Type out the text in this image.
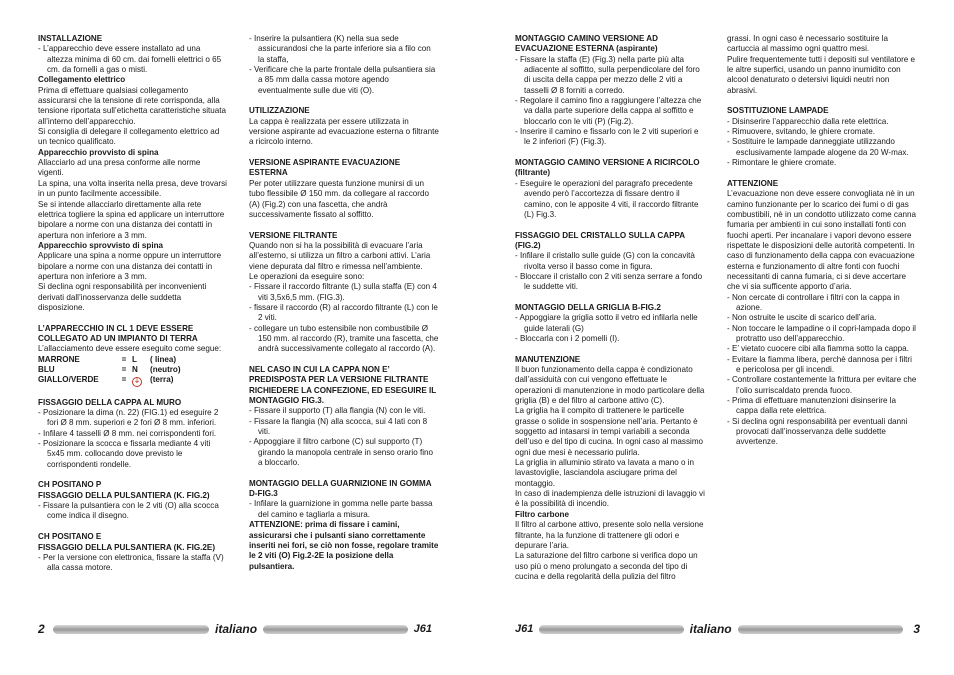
INSTALLAZIONE

- L’apparecchio deve essere installato ad una altezza minima di 60 cm. dai fornelli elettrici o 65 cm. da fornelli a gas o misti.

Collegamento elettrico

Prima di effettuare qualsiasi collegamento assicurarsi che la tensione di rete corrisponda, alla tensione riportata sull’etichetta caratteristiche situata all’interno dell’apparecchio.

Si consiglia di delegare il collegamento elettrico ad un tecnico qualificato.

Apparecchio provvisto di spina

Allacciarlo ad una presa conforme alle norme vigenti.

La spina, una volta inserita nella presa, deve trovarsi in un punto facilmente accessibile.

Se si intende allacciarlo direttamente alla rete elettrica togliere la spina ed applicare un interruttore bipolare a norme con una distanza dei contatti in apertura non inferiore a 3 mm.

Apparecchio sprovvisto di spina

Applicare una spina a norme oppure un interruttore bipolare a norme con una distanza dei contatti in apertura non inferiore a 3 mm.

Si declina ogni responsabilità per inconvenienti derivati dall’inosservanza delle suddetta disposizione.

L’APPARECCHIO IN CL 1 DEVE ESSERE COLLEGATO AD UN IMPIANTO DI TERRA

L’allacciamento deve essere eseguito come segue:

MARRONE	= L	( linea)
BLU	= N	(neutro)
GIALLO/VERDE	=	⏚	(terra)

FISSAGGIO DELLA CAPPA AL MURO

- Posizionare la dima (n. 22) (FIG.1) ed eseguire 2 fori Ø 8 mm. superiori e 2 fori Ø 8 mm. inferiori.

- Infilare 4 tasselli Ø 8 mm. nei corrispondenti fori.

- Posizionare la scocca e fissarla mediante 4 viti 5x45 mm. collocando dove previsto le corrispondenti rondelle.

CH POSITANO P

FISSAGGIO DELLA PULSANTIERA (K. FIG.2)

- Fissare la pulsantiera con le 2 viti (O) alla scocca come indica il disegno.

CH POSITANO E

FISSAGGIO DELLA PULSANTIERA (K. FIG.2E)

- Per la versione con elettronica, fissare la staffa (V) alla cassa motore.

- Inserire la pulsantiera (K) nella sua sede assicurandosi che la parte inferiore sia a filo con la staffa,

- Verificare che la parte frontale della pulsantiera sia a 85 mm dalla cassa motore agendo eventualmente sulle due viti (O).

UTILIZZAZIONE

La cappa è realizzata per essere utilizzata in versione aspirante ad evacuazione esterna o filtrante a ricircolo interno.

VERSIONE ASPIRANTE EVACUAZIONE ESTERNA

Per poter utilizzare questa funzione munirsi di un tubo flessibile Ø 150 mm. da collegare al raccordo (A) (Fig.2) con una fascetta, che andrà successivamente fissato al soffitto.

VERSIONE FILTRANTE

Quando non si ha la possibilità di evacuare l’aria all’esterno, si utilizza un filtro a carboni attivi. L’aria viene depurata dal filtro e rimessa nell’ambiente.

Le operazioni da eseguire sono:

- Fissare il raccordo filtrante (L) sulla staffa (E) con 4 viti 3,5x6,5 mm. (FIG.3).

- fissare il raccordo (R) al raccordo filtrante (L) con le 2 viti.

- collegare un tubo estensibile non combustibile Ø 150 mm. al raccordo (R), tramite una fascetta, che andrà successivamente collegato al raccordo (A).

NEL CASO IN CUI LA CAPPA NON E’ PREDISPOSTA PER LA VERSIONE FILTRANTE RICHIEDERE LA CONFEZIONE, ED ESEGUIRE IL MONTAGGIO FIG.3.

- Fissare il supporto (T) alla flangia (N) con le viti.

- Fissare la flangia (N) alla scocca, sui 4 lati con 8 viti.

- Appoggiare il filtro carbone (C) sul supporto (T) girando la manopola centrale in senso orario fino a bloccarlo.

MONTAGGIO DELLA GUARNIZIONE IN GOMMA D-FIG.3

- Infilare la guarnizione in gomma nelle parte bassa del camino e tagliarla a misura.

ATTENZIONE: prima di fissare i camini, assicurarsi che i pulsanti siano correttamente inseriti nei fori, se ciò non fosse, regolare tramite le 2 viti (O) Fig.2-2E la posizione della pulsantiera.

2	italiano	J61

MONTAGGIO CAMINO VERSIONE AD EVACUAZIONE ESTERNA (aspirante)

- Fissare la staffa (E) (Fig.3) nella parte più alta adiacente al soffitto, sulla perpendicolare del foro di uscita della cappa per mezzo delle 2 viti a tasselli Ø 8 forniti a corredo.

- Regolare il camino fino a raggiungere l’altezza che va dalla parte superiore della cappa al soffitto e bloccarlo con le viti (P) (Fig.2).

- Inserire il camino e fissarlo con le 2 viti superiori e le 2 inferiori (F) (Fig.3).

MONTAGGIO CAMINO VERSIONE A RICIRCOLO (filtrante)

- Eseguire le operazioni del paragrafo precedente avendo però l’accortezza di fissare dentro il camino, con le apposite 4 viti, il raccordo filtrante (L) Fig.3.

FISSAGGIO DEL CRISTALLO SULLA CAPPA (FIG.2)

- Infilare il cristallo sulle guide (G) con la concavità rivolta verso il basso come in figura.

- Bloccare il cristallo con 2 viti senza serrare a fondo le suddette viti.

MONTAGGIO DELLA GRIGLIA B-FIG.2

- Appoggiare la griglia sotto il vetro ed infilarla nelle guide laterali (G)

- Bloccarla con i 2 pomelli (I).

MANUTENZIONE

Il buon funzionamento della cappa è condizionato dall’assiduità con cui vengono effettuate le operazioni di manutenzione in modo particolare della griglia (B) e del filtro al carbone attivo (C).

La griglia ha il compito di trattenere le particelle grasse o solide in sospensione nell’aria. Pertanto è soggetto ad intasarsi in tempi variabili a seconda dell’uso e del tipo di cucina. In ogni caso al massimo ogni due mesi è necessario pulirla.

La griglia in alluminio stirato va lavata a mano o in lavastoviglie, lasciandola asciugare prima del montaggio.

In caso di inadempienza delle istruzioni di lavaggio vi è la possibilità di incendio.

Filtro carbone

Il filtro al carbone attivo, presente solo nella versione filtrante, ha la funzione di trattenere gli odori e depurare l’aria.

La saturazione del filtro carbone si verifica dopo un uso più o meno prolungato a seconda del tipo di cucina e della regolarità della pulizia del filtro

grassi. In ogni caso è necessario sostituire la cartuccia al massimo ogni quattro mesi.

Pulire frequentemente tutti i depositi sul ventilatore e le altre superfici, usando un panno inumidito con alcool denaturato o detersivi liquidi neutri non abrasivi.

SOSTITUZIONE LAMPADE

- Disinserire l’apparecchio dalla rete elettrica.

- Rimuovere, svitando, le ghiere cromate.

- Sostituire le lampade danneggiate utilizzando esclusivamente lampade alogene da 20 W-max.

- Rimontare le ghiere cromate.

ATTENZIONE

L’evacuazione non deve essere convogliata nè in un camino funzionante per lo scarico dei fumi o di gas combustibili, nè in un condotto utilizzato come canna fumaria per ambienti in cui sono installati fonti con fuochi aperti. Per incanalare i vapori devono essere rispettate le disposizioni delle autorità competenti. In caso di funzionamento della cappa con evacuazione esterna e funzionamento di altre fonti con fuochi necessitanti di canna fumaria, ci si deve accertare che vi sia sufficente apporto d’aria.

- Non cercate di controllare i filtri con la cappa in azione.

- Non ostruite le uscite di scarico dell’aria.

- Non toccare le lampadine o il copri-lampada dopo il protratto uso dell’apparecchio.

- E’ vietato cuocere cibi alla fiamma sotto la cappa.

- Evitare la fiamma libera, perchè dannosa per i filtri e pericolosa per gli incendi.

- Controllare costantemente la frittura per evitare che l’olio surriscaldato prenda fuoco.

- Prima di effettuare manutenzioni disinserire la cappa dalla rete elettrica.

- Si declina ogni responsabilità per eventuali danni provocati dall’inosservanza delle suddette avvertenze.

J61	italiano	3
